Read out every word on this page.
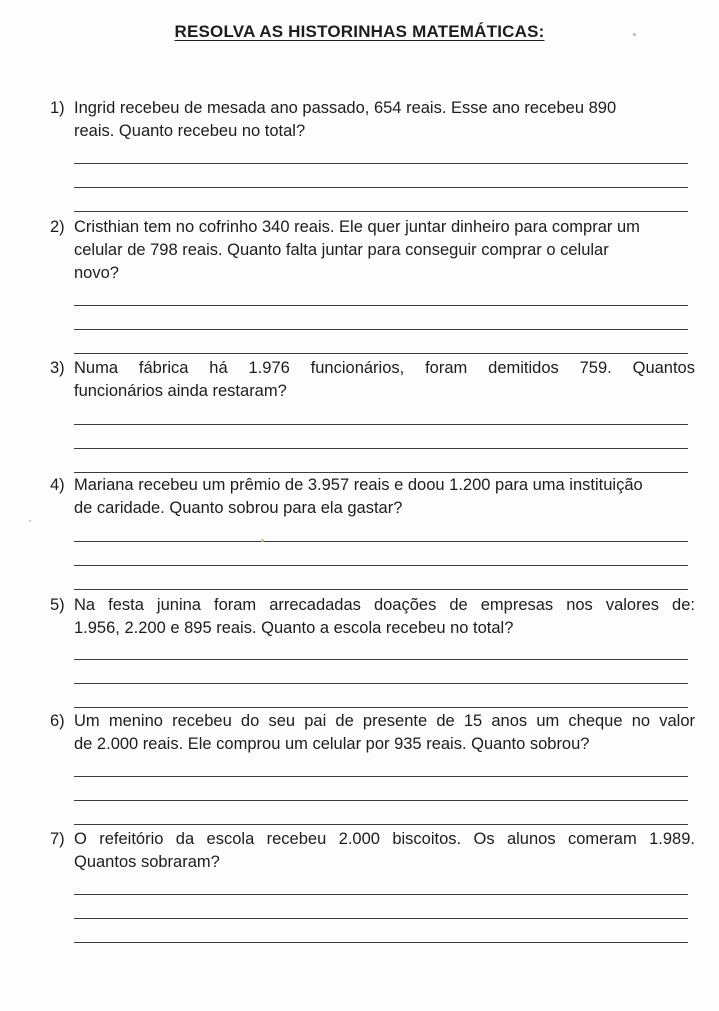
RESOLVA AS HISTORINHAS MATEMÁTICAS:
1) Ingrid recebeu de mesada ano passado, 654 reais. Esse ano recebeu 890
reais. Quanto recebeu no total?
2) Cristhian tem no cofrinho 340 reais. Ele quer juntar dinheiro para comprar um
celular de 798 reais. Quanto falta juntar para conseguir comprar o celular
novo?
3) Numa fábrica há 1.976 funcionários, foram demitidos 759. Quantos
funcionários ainda restaram?
4) Mariana recebeu um prêmio de 3.957 reais e doou 1.200 para uma instituição
de caridade. Quanto sobrou para ela gastar?
5) Na festa junina foram arrecadadas doações de empresas nos valores de:
1.956, 2.200 e 895 reais. Quanto a escola recebeu no total?
6) Um menino recebeu do seu pai de presente de 15 anos um cheque no valor
de 2.000 reais. Ele comprou um celular por 935 reais. Quanto sobrou?
7) O refeitório da escola recebeu 2.000 biscoitos. Os alunos comeram 1.989.
Quantos sobraram?
